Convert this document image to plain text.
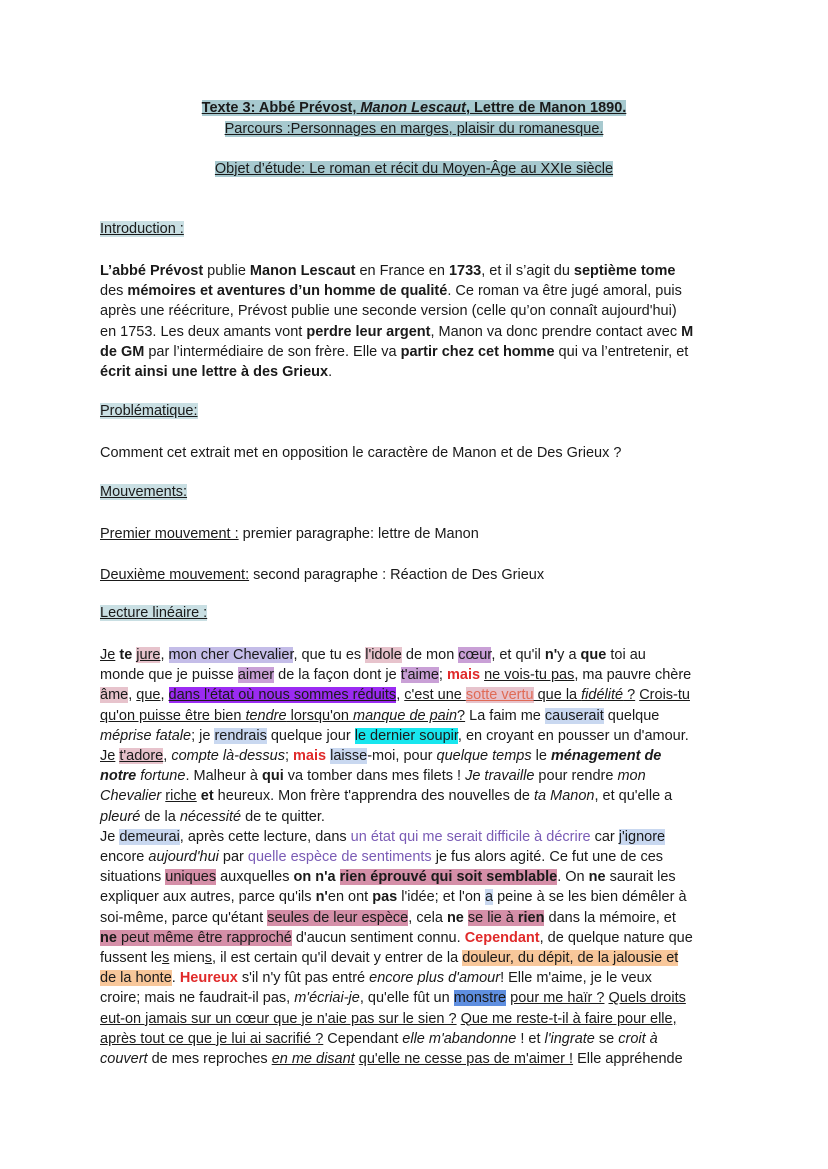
Texte 3: Abbé Prévost, Manon Lescaut, Lettre de Manon 1890.
Parcours :Personnages en marges, plaisir du romanesque.
Objet d’étude: Le roman et récit du Moyen-Âge au XXIe siècle
Introduction :
L’abbé Prévost publie Manon Lescaut en France en 1733, et il s’agit du septième tome
des mémoires et aventures d’un homme de qualité. Ce roman va être jugé amoral, puis
après une réécriture, Prévost publie une seconde version (celle qu’on connaît aujourd'hui)
en 1753. Les deux amants vont perdre leur argent, Manon va donc prendre contact avec M
de GM par l’intermédiaire de son frère. Elle va partir chez cet homme qui va l’entretenir, et
écrit ainsi une lettre à des Grieux.
Problématique:
Comment cet extrait met en opposition le caractère de Manon et de Des Grieux ?
Mouvements:
Premier mouvement : premier paragraphe: lettre de Manon
Deuxième mouvement: second paragraphe : Réaction de Des Grieux
Lecture linéaire :
Je te jure, mon cher Chevalier, que tu es l'idole de mon cœur, et qu'il n'y a que toi au
monde que je puisse aimer de la façon dont je t'aime; mais ne vois-tu pas, ma pauvre chère
âme, que, dans l'état où nous sommes réduits, c'est une sotte vertu que la fidélité ? Crois-tu
qu'on puisse être bien tendre lorsqu'on manque de pain? La faim me causerait quelque
méprise fatale; je rendrais quelque jour le dernier soupir, en croyant en pousser un d'amour.
Je t'adore, compte là-dessus; mais laisse-moi, pour quelque temps le ménagement de
notre fortune. Malheur à qui va tomber dans mes filets ! Je travaille pour rendre mon
Chevalier riche et heureux. Mon frère t'apprendra des nouvelles de ta Manon, et qu'elle a
pleuré de la nécessité de te quitter.
Je demeurai, après cette lecture, dans un état qui me serait difficile à décrire car j'ignore
encore aujourd'hui par quelle espèce de sentiments je fus alors agité. Ce fut une de ces
situations uniques auxquelles on n'a rien éprouvé qui soit semblable. On ne saurait les
expliquer aux autres, parce qu'ils n'en ont pas l'idée; et l'on a peine à se les bien démêler à
soi-même, parce qu'étant seules de leur espèce, cela ne se lie à rien dans la mémoire, et
ne peut même être rapproché d'aucun sentiment connu. Cependant, de quelque nature que
fussent les miens, il est certain qu'il devait y entrer de la douleur, du dépit, de la jalousie et
de la honte. Heureux s'il n'y fût pas entré encore plus d'amour! Elle m'aime, je le veux
croire; mais ne faudrait-il pas, m'écriai-je, qu'elle fût un monstre pour me haïr ? Quels droits
eut-on jamais sur un cœur que je n'aie pas sur le sien ? Que me reste-t-il à faire pour elle,
après tout ce que je lui ai sacrifié ? Cependant elle m'abandonne ! et l'ingrate se croit à
couvert de mes reproches en me disant qu'elle ne cesse pas de m'aimer ! Elle appréhende
